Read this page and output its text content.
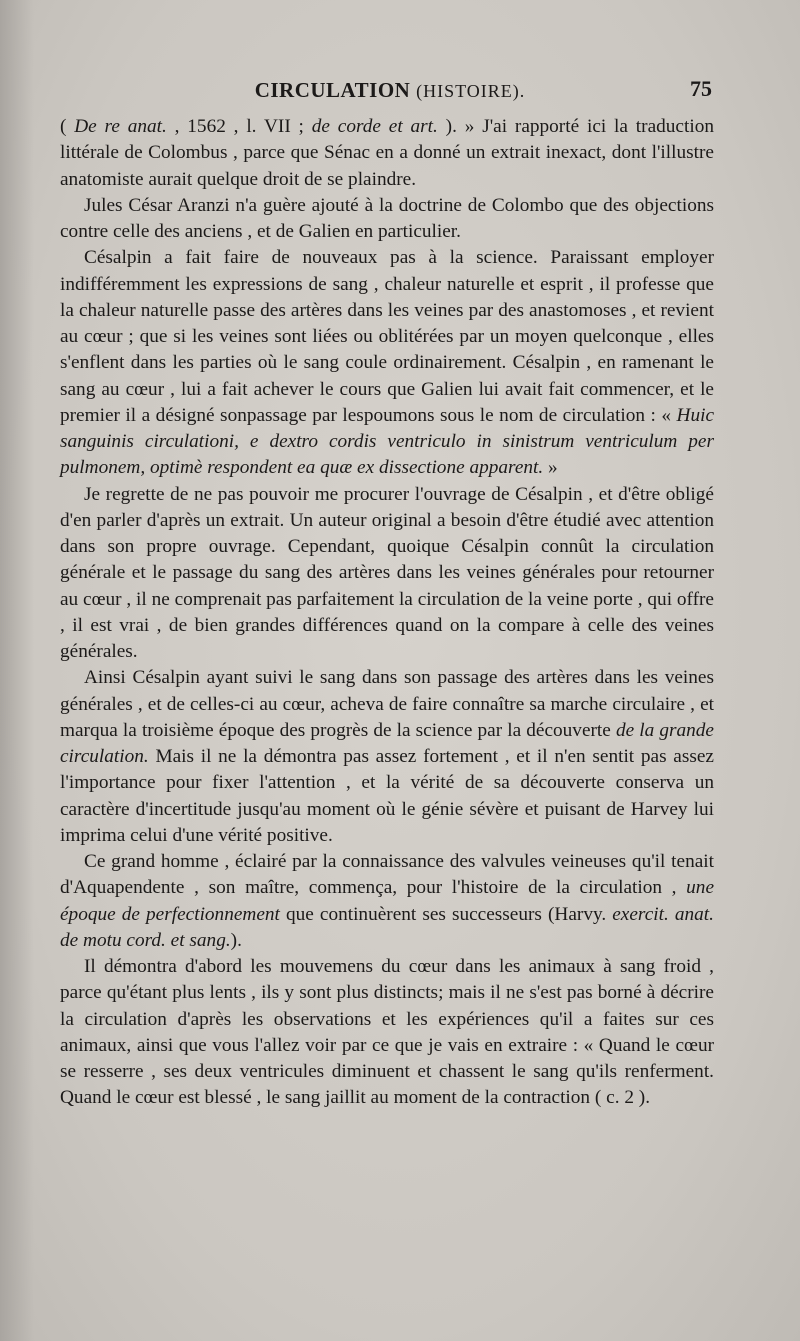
CIRCULATION (HISTOIRE).	75

( De re anat. , 1562 , l. VII ; de corde et art. ). » J'ai rapporté ici la traduction littérale de Colombus , parce que Sénac en a donné un extrait inexact, dont l'illustre anatomiste aurait quelque droit de se plaindre.

Jules César Aranzi n'a guère ajouté à la doctrine de Colombo que des objections contre celle des anciens , et de Galien en particulier.

Césalpin a fait faire de nouveaux pas à la science. Paraissant employer indifféremment les expressions de sang , chaleur naturelle et esprit , il professe que la chaleur naturelle passe des artères dans les veines par des anastomoses , et revient au cœur ; que si les veines sont liées ou oblitérées par un moyen quelconque , elles s'enflent dans les parties où le sang coule ordinairement. Césalpin , en ramenant le sang au cœur , lui a fait achever le cours que Galien lui avait fait commencer, et le premier il a désigné sonpassage par lespoumons sous le nom de circulation : « Huic sanguinis circulationi, e dextro cordis ventriculo in sinistrum ventriculum per pulmonem, optimè respondent ea quæ ex dissectione apparent. »

Je regrette de ne pas pouvoir me procurer l'ouvrage de Césalpin , et d'être obligé d'en parler d'après un extrait. Un auteur original a besoin d'être étudié avec attention dans son propre ouvrage. Cependant, quoique Césalpin connût la circulation générale et le passage du sang des artères dans les veines générales pour retourner au cœur , il ne comprenait pas parfaitement la circulation de la veine porte , qui offre , il est vrai , de bien grandes différences quand on la compare à celle des veines générales.

Ainsi Césalpin ayant suivi le sang dans son passage des artères dans les veines générales , et de celles-ci au cœur, acheva de faire connaître sa marche circulaire , et marqua la troisième époque des progrès de la science par la découverte de la grande circulation. Mais il ne la démontra pas assez fortement , et il n'en sentit pas assez l'importance pour fixer l'attention , et la vérité de sa découverte conserva un caractère d'incertitude jusqu'au moment où le génie sévère et puisant de Harvey lui imprima celui d'une vérité positive.

Ce grand homme , éclairé par la connaissance des valvules veineuses qu'il tenait d'Aquapendente , son maître, commença, pour l'histoire de la circulation , une époque de perfectionnement que continuèrent ses successeurs (Harvy. exercit. anat. de motu cord. et sang.).

Il démontra d'abord les mouvemens du cœur dans les animaux à sang froid , parce qu'étant plus lents , ils y sont plus distincts; mais il ne s'est pas borné à décrire la circulation d'après les observations et les expériences qu'il a faites sur ces animaux, ainsi que vous l'allez voir par ce que je vais en extraire : « Quand le cœur se resserre , ses deux ventricules diminuent et chassent le sang qu'ils renferment. Quand le cœur est blessé , le sang jaillit au moment de la contraction ( c. 2 ).
